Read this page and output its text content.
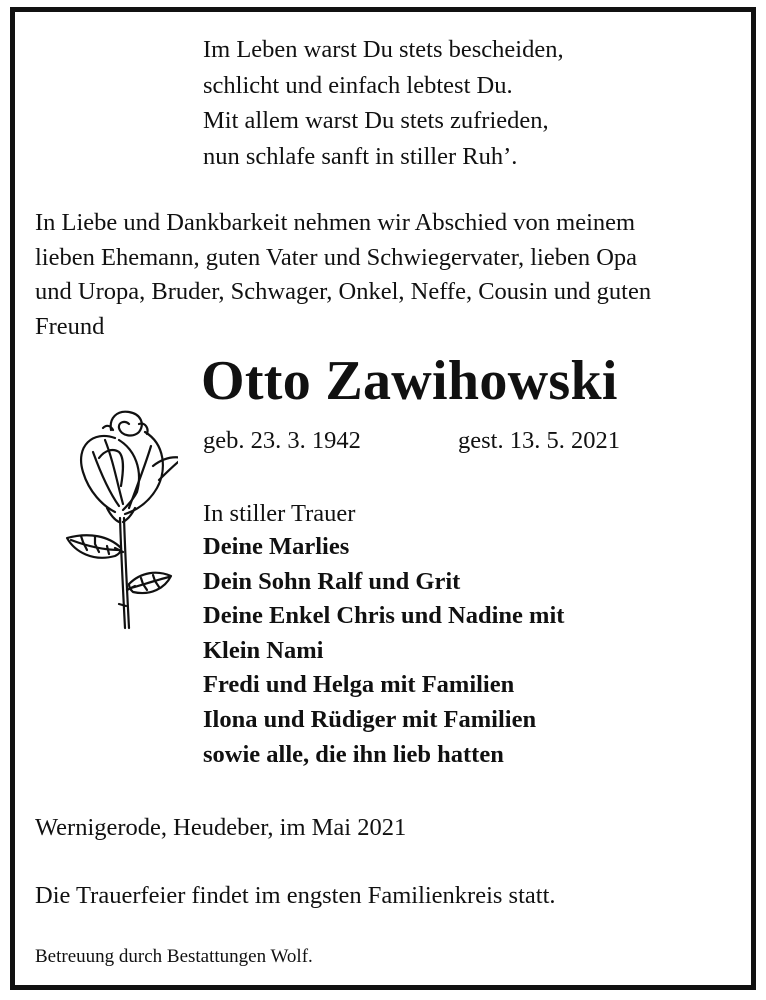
Im Leben warst Du stets bescheiden,
schlicht und einfach lebtest Du.
Mit allem warst Du stets zufrieden,
nun schlafe sanft in stiller Ruh’.
In Liebe und Dankbarkeit nehmen wir Abschied von meinem
lieben Ehemann, guten Vater und Schwiegervater, lieben Opa
und Uropa, Bruder, Schwager, Onkel, Neffe, Cousin und guten
Freund
Otto Zawihowski
geb. 23. 3. 1942	gest. 13. 5. 2021
In stiller Trauer
Deine Marlies
Dein Sohn Ralf und Grit
Deine Enkel Chris und Nadine mit
Klein Nami
Fredi und Helga mit Familien
Ilona und Rüdiger mit Familien
sowie alle, die ihn lieb hatten
Wernigerode, Heudeber, im Mai 2021
Die Trauerfeier findet im engsten Familienkreis statt.
Betreuung durch Bestattungen Wolf.
